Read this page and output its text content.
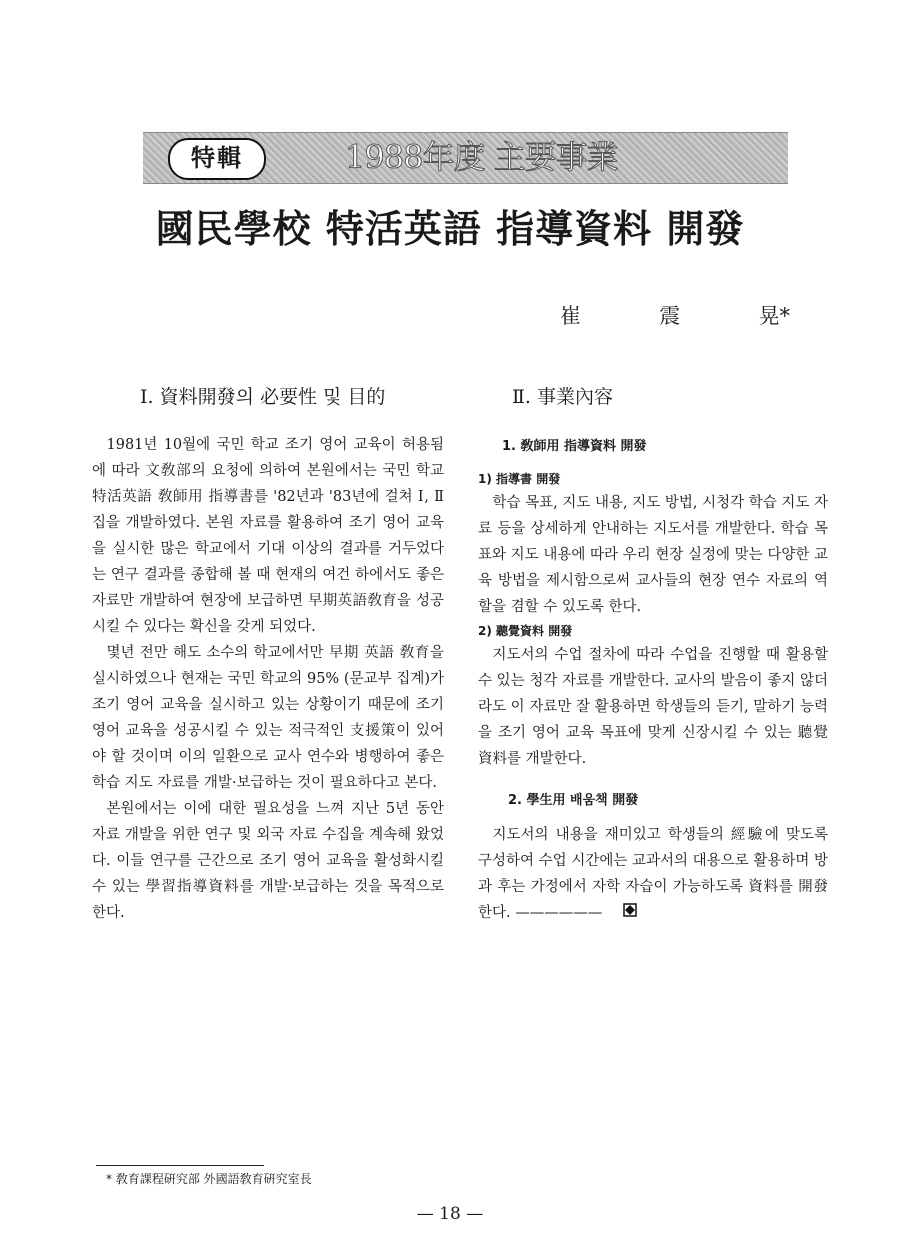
特輯	1988年度 主要事業
國民學校 特活英語 指導資料 開發
崔	震	晃*
Ⅰ. 資料開發의 必要性 및 目的

1981년 10월에 국민 학교 조기 영어 교육이 허용됨에 따라 文敎部의 요청에 의하여 본원에서는 국민 학교 特活英語 敎師用 指導書를 '82년과 '83년에 걸쳐 Ⅰ, Ⅱ집을 개발하였다. 본원 자료를 활용하여 조기 영어 교육을 실시한 많은 학교에서 기대 이상의 결과를 거두었다는 연구 결과를 종합해 볼 때 현재의 여건 하에서도 좋은 자료만 개발하여 현장에 보급하면 早期英語敎育을 성공시킬 수 있다는 확신을 갖게 되었다.

몇년 전만 해도 소수의 학교에서만 早期 英語 敎育을 실시하였으나 현재는 국민 학교의 95% (문교부 집계)가 조기 영어 교육을 실시하고 있는 상황이기 때문에 조기 영어 교육을 성공시킬 수 있는 적극적인 支援策이 있어야 할 것이며 이의 일환으로 교사 연수와 병행하여 좋은 학습 지도 자료를 개발·보급하는 것이 필요하다고 본다.

본원에서는 이에 대한 필요성을 느껴 지난 5년 동안 자료 개발을 위한 연구 및 외국 자료 수집을 계속해 왔었다. 이들 연구를 근간으로 조기 영어 교육을 활성화시킬 수 있는 學習指導資料를 개발·보급하는 것을 목적으로 한다.

Ⅱ. 事業內容
1. 敎師用 指導資料 開發
1) 指導書 開發

학습 목표, 지도 내용, 지도 방법, 시청각 학습 지도 자료 등을 상세하게 안내하는 지도서를 개발한다. 학습 목표와 지도 내용에 따라 우리 현장 실정에 맞는 다양한 교육 방법을 제시함으로써 교사들의 현장 연수 자료의 역할을 겸할 수 있도록 한다.

2) 聽覺資料 開發

지도서의 수업 절차에 따라 수업을 진행할 때 활용할 수 있는 청각 자료를 개발한다. 교사의 발음이 좋지 않더라도 이 자료만 잘 활용하면 학생들의 듣기, 말하기 능력을 조기 영어 교육 목표에 맞게 신장시킬 수 있는 聽覺資料를 개발한다.

2. 學生用 배움책 開發

지도서의 내용을 재미있고 학생들의 經驗에 맞도록 구성하여 수업 시간에는 교과서의 대용으로 활용하며 방과 후는 가정에서 자학 자습이 가능하도록 資料를 開發한다. ——————

* 敎育課程硏究部 外國語敎育硏究室長
— 18 —
